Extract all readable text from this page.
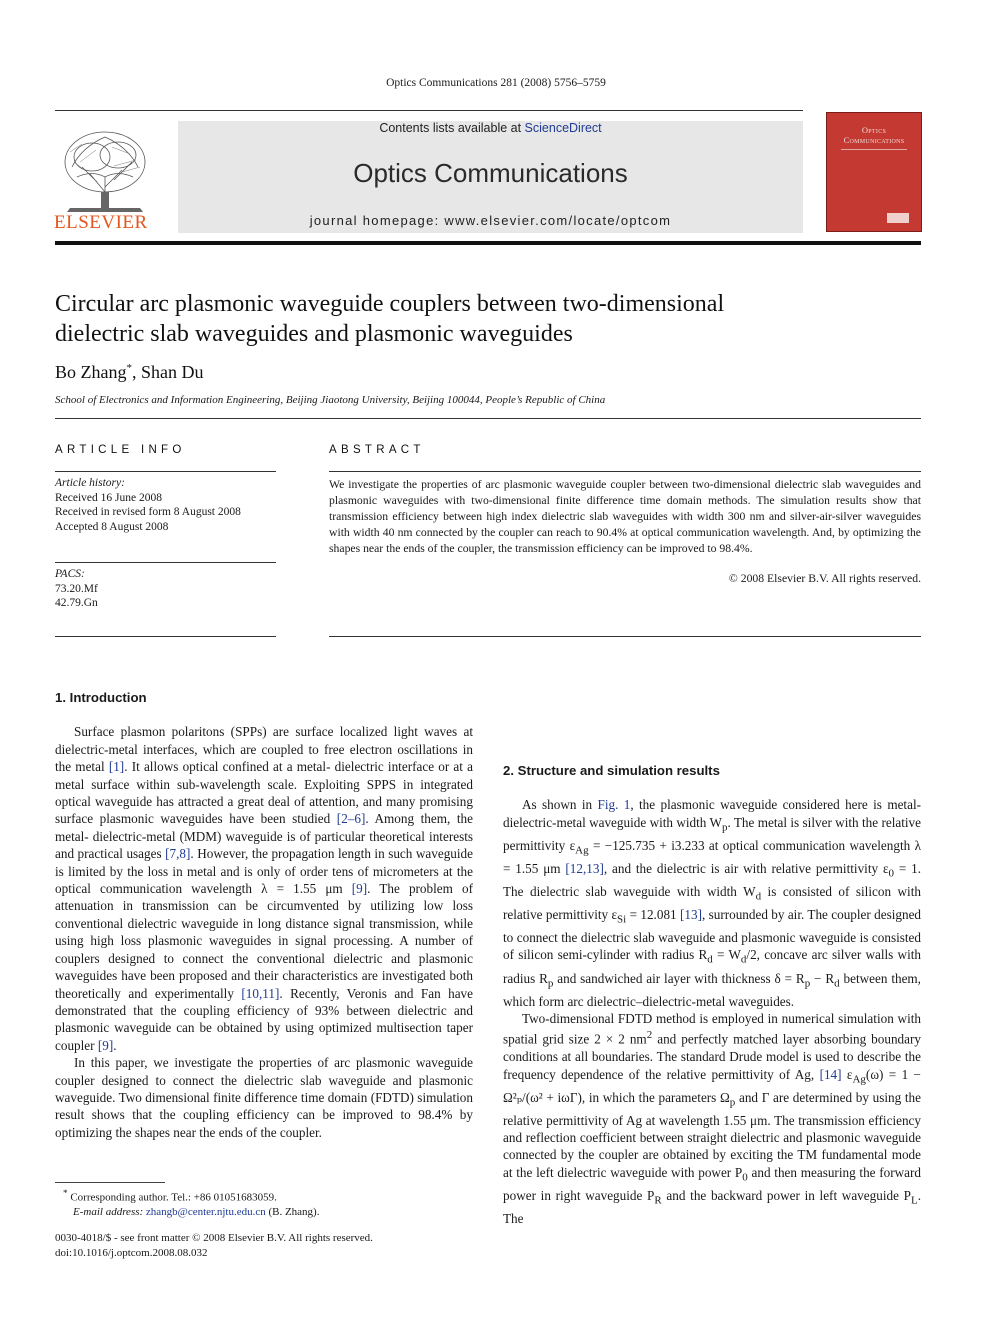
Optics Communications 281 (2008) 5756–5759
ELSEVIER
Contents lists available at ScienceDirect
Optics Communications
journal homepage: www.elsevier.com/locate/optcom
Optics
Communications
Circular arc plasmonic waveguide couplers between two-dimensional
dielectric slab waveguides and plasmonic waveguides
Bo Zhang*, Shan Du
School of Electronics and Information Engineering, Beijing Jiaotong University, Beijing 100044, People’s Republic of China
ARTICLE INFO
Article history:
Received 16 June 2008
Received in revised form 8 August 2008
Accepted 8 August 2008
PACS:
73.20.Mf
42.79.Gn
ABSTRACT

We investigate the properties of arc plasmonic waveguide coupler between two-dimensional dielectric slab waveguides and plasmonic waveguides with two-dimensional finite difference time domain methods. The simulation results show that transmission efficiency between high index dielectric slab waveguides with width 300 nm and silver-air-silver waveguides with width 40 nm connected by the coupler can reach to 90.4% at optical communication wavelength. And, by optimizing the shapes near the ends of the coupler, the transmission efficiency can be improved to 98.4%.

© 2008 Elsevier B.V. All rights reserved.
1. Introduction

Surface plasmon polaritons (SPPs) are surface localized light waves at dielectric-metal interfaces, which are coupled to free electron oscillations in the metal [1]. It allows optical confined at a metal- dielectric interface or at a metal surface within sub-wavelength scale. Exploiting SPPS in integrated optical waveguide has attracted a great deal of attention, and many promising surface plasmonic waveguides have been studied [2–6]. Among them, the metal- dielectric-metal (MDM) waveguide is of particular theoretical interests and practical usages [7,8]. However, the propagation length in such waveguide is limited by the loss in metal and is only of order tens of micrometers at the optical communication wavelength λ = 1.55 μm [9]. The problem of attenuation in transmission can be circumvented by utilizing low loss conventional dielectric waveguide in long distance signal transmission, while using high loss plasmonic waveguides in signal processing. A number of couplers designed to connect the conventional dielectric and plasmonic waveguides have been proposed and their characteristics are investigated both theoretically and experimentally [10,11]. Recently, Veronis and Fan have demonstrated that the coupling efficiency of 93% between dielectric and plasmonic waveguide can be obtained by using optimized multisection taper coupler [9].

In this paper, we investigate the properties of arc plasmonic waveguide coupler designed to connect the dielectric slab waveguide and plasmonic waveguide. Two dimensional finite difference time domain (FDTD) simulation result shows that the coupling efficiency can be improved to 98.4% by optimizing the shapes near the ends of the coupler.

2. Structure and simulation results

As shown in Fig. 1, the plasmonic waveguide considered here is metal-dielectric-metal waveguide with width $W_p$. The metal is silver with the relative permittivity $\varepsilon_{Ag} = -125.735 + i3.233$ at optical communication wavelength λ = 1.55 μm [12,13], and the dielectric is air with relative permittivity $\varepsilon_0 = 1$. The dielectric slab waveguide with width $W_d$ is consisted of silicon with relative permittivity $\varepsilon_{Si} = 12.081$ [13], surrounded by air. The coupler designed to connect the dielectric slab waveguide and plasmonic waveguide is consisted of silicon semi-cylinder with radius $R_d = W_d/2$, concave arc silver walls with radius $R_p$ and sandwiched air layer with thickness $\delta = R_p - R_d$ between them, which form arc dielectric–dielectric-metal waveguides.

Two-dimensional FDTD method is employed in numerical simulation with spatial grid size 2 × 2 $nm^2$ and perfectly matched layer absorbing boundary conditions at all boundaries. The standard Drude model is used to describe the frequency dependence of the relative permittivity of Ag, [14] $\varepsilon_{Ag}(\omega) = 1 - \Omega^2_p/(\omega^2 + i\omega\Gamma)$, in which the parameters $\Omega_p$ and Γ are determined by using the relative permittivity of Ag at wavelength 1.55 μm. The transmission efficiency and reflection coefficient between straight dielectric and plasmonic waveguide connected by the coupler are obtained by exciting the TM fundamental mode at the left dielectric waveguide with power $P_0$ and then measuring the forward power in right waveguide $P_R$ and the backward power in left waveguide $P_L$. The

* Corresponding author. Tel.: +86 01051683059.
E-mail address: zhangb@center.njtu.edu.cn (B. Zhang).
0030-4018/$ - see front matter © 2008 Elsevier B.V. All rights reserved.
doi:10.1016/j.optcom.2008.08.032
